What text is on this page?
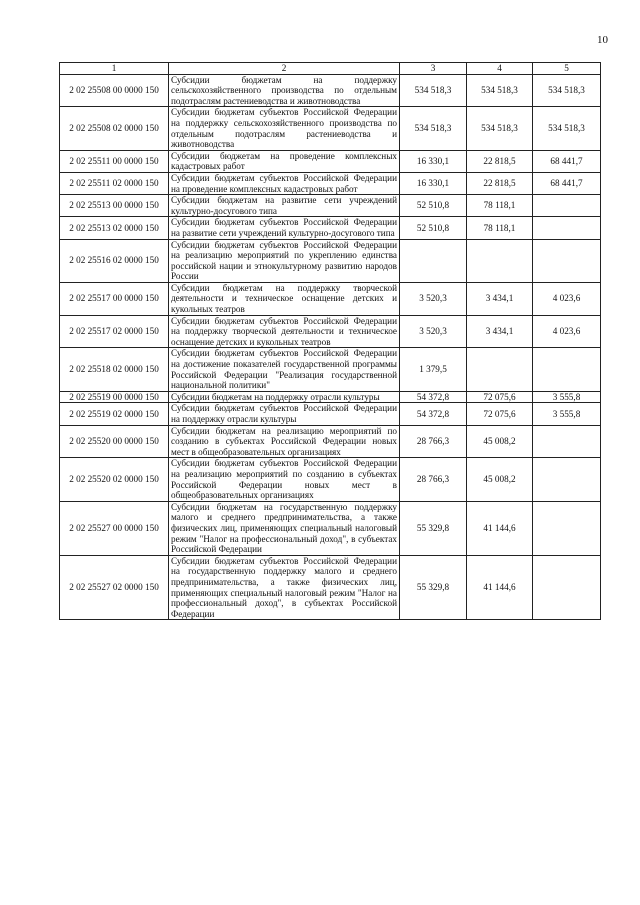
10
1	2	3	4	5
2 02 25508 00 0000 150	Субсидии бюджетам на поддержку сельскохозяйственного производства по отдельным подотраслям растениеводства и животноводства	534 518,3	534 518,3	534 518,3
2 02 25508 02 0000 150	Субсидии бюджетам субъектов Российской Федерации на поддержку сельскохозяйственного производства по отдельным подотраслям растениеводства и животноводства	534 518,3	534 518,3	534 518,3
2 02 25511 00 0000 150	Субсидии бюджетам на проведение комплексных кадастровых работ	16 330,1	22 818,5	68 441,7
2 02 25511 02 0000 150	Субсидии бюджетам субъектов Российской Федерации на проведение комплексных кадастровых работ	16 330,1	22 818,5	68 441,7
2 02 25513 00 0000 150	Субсидии бюджетам на развитие сети учреждений культурно-досугового типа	52 510,8	78 118,1	
2 02 25513 02 0000 150	Субсидии бюджетам субъектов Российской Федерации на развитие сети учреждений культурно-досугового типа	52 510,8	78 118,1	
2 02 25516 02 0000 150	Субсидии бюджетам субъектов Российской Федерации на реализацию мероприятий по укреплению единства российской нации и этнокультурному развитию народов России			
2 02 25517 00 0000 150	Субсидии бюджетам на поддержку творческой деятельности и техническое оснащение детских и кукольных театров	3 520,3	3 434,1	4 023,6
2 02 25517 02 0000 150	Субсидии бюджетам субъектов Российской Федерации на поддержку творческой деятельности и техническое оснащение детских и кукольных театров	3 520,3	3 434,1	4 023,6
2 02 25518 02 0000 150	Субсидии бюджетам субъектов Российской Федерации на достижение показателей государственной программы Российской Федерации "Реализация государственной национальной политики"	1 379,5		
2 02 25519 00 0000 150	Субсидии бюджетам на поддержку отрасли культуры	54 372,8	72 075,6	3 555,8
2 02 25519 02 0000 150	Субсидии бюджетам субъектов Российской Федерации на поддержку отрасли культуры	54 372,8	72 075,6	3 555,8
2 02 25520 00 0000 150	Субсидии бюджетам на реализацию мероприятий по созданию в субъектах Российской Федерации новых мест в общеобразовательных организациях	28 766,3	45 008,2	
2 02 25520 02 0000 150	Субсидии бюджетам субъектов Российской Федерации на реализацию мероприятий по созданию в субъектах Российской Федерации новых мест в общеобразовательных организациях	28 766,3	45 008,2	
2 02 25527 00 0000 150	Субсидии бюджетам на государственную поддержку малого и среднего предпринимательства, а также физических лиц, применяющих специальный налоговый режим "Налог на профессиональный доход", в субъектах Российской Федерации	55 329,8	41 144,6	
2 02 25527 02 0000 150	Субсидии бюджетам субъектов Российской Федерации на государственную поддержку малого и среднего предпринимательства, а также физических лиц, применяющих специальный налоговый режим "Налог на профессиональный доход", в субъектах Российской Федерации	55 329,8	41 144,6	
